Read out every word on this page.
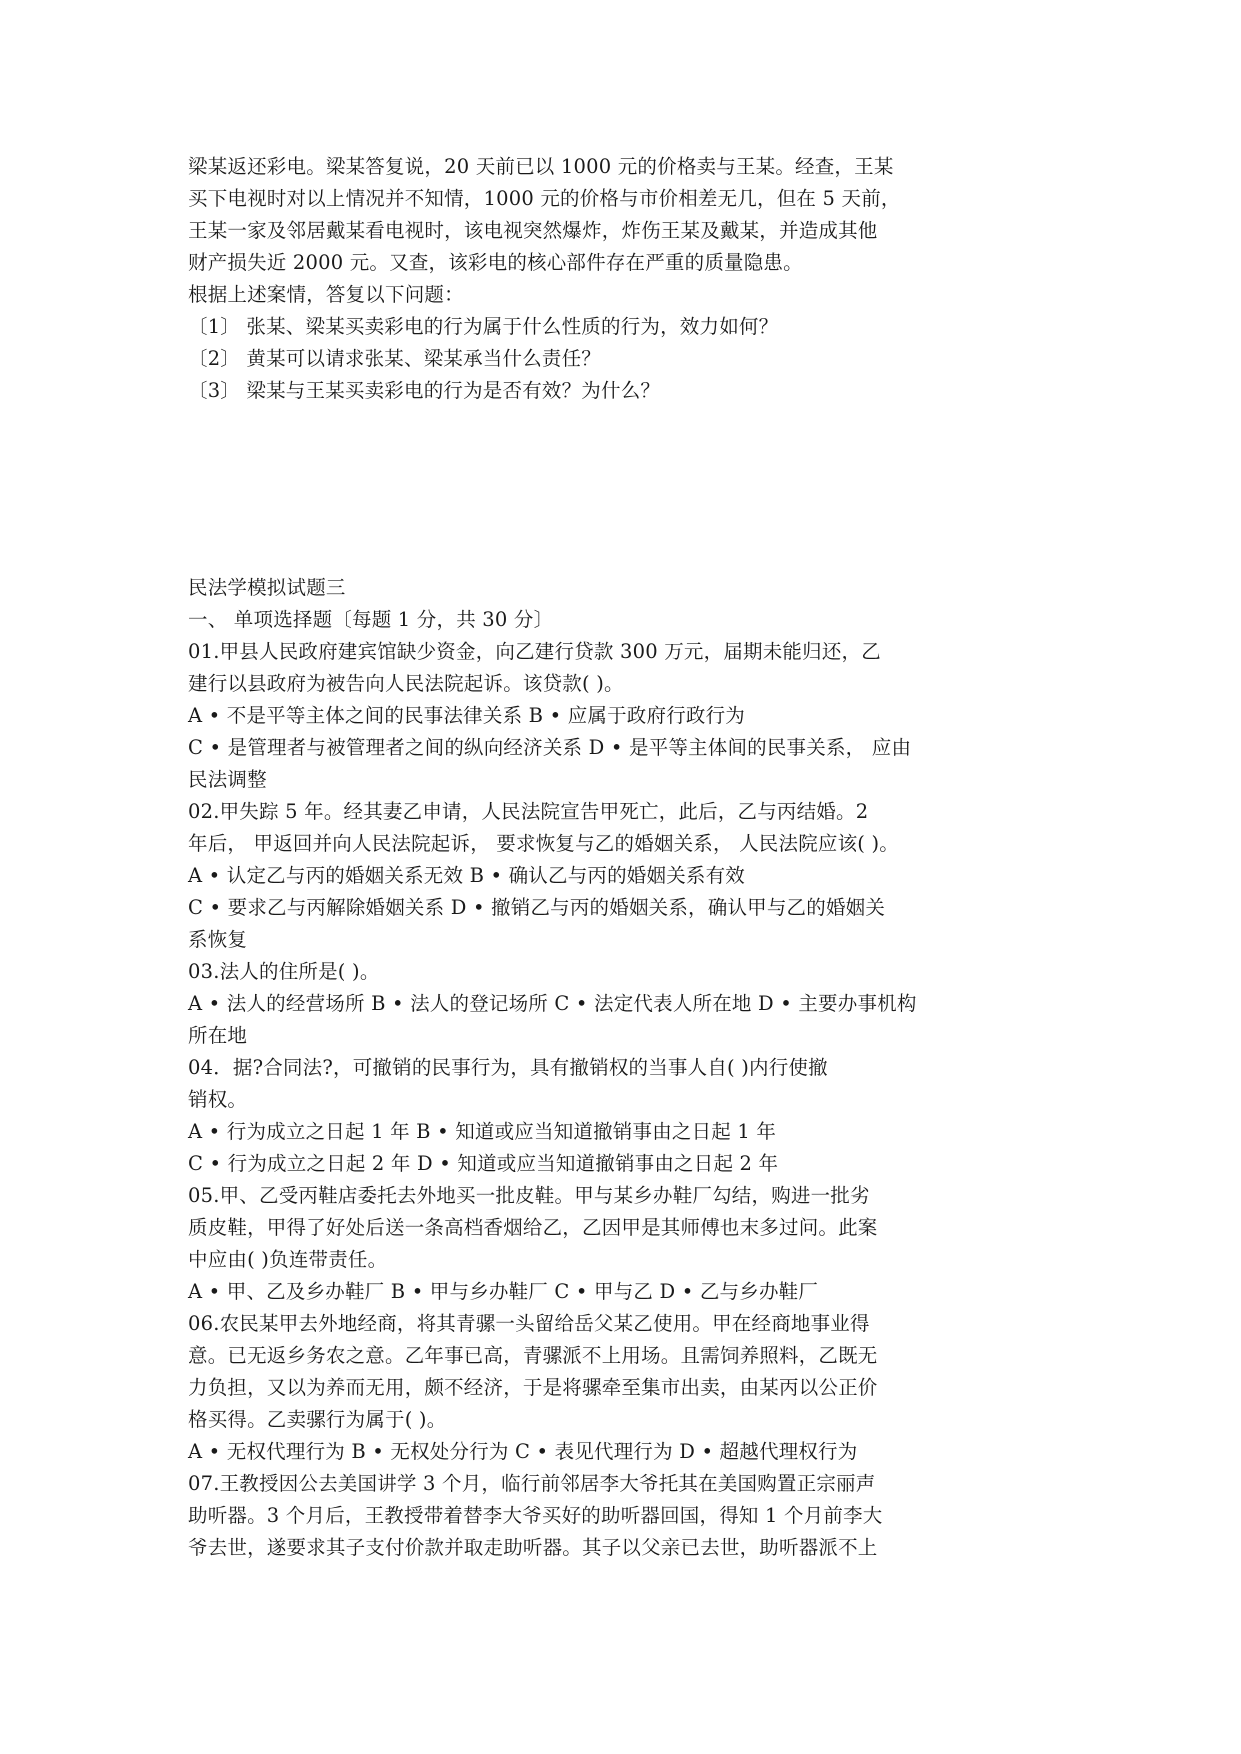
梁某返还彩电。梁某答复说，20 天前已以 1000 元的价格卖与王某。经查，王某
买下电视时对以上情况并不知情，1000 元的价格与市价相差无几，但在 5 天前，
王某一家及邻居戴某看电视时，该电视突然爆炸，炸伤王某及戴某，并造成其他
财产损失近 2000 元。又查，该彩电的核心部件存在严重的质量隐患。
根据上述案情，答复以下问题：
〔1〕 张某、梁某买卖彩电的行为属于什么性质的行为，效力如何？
〔2〕 黄某可以请求张某、梁某承当什么责任？
〔3〕 梁某与王某买卖彩电的行为是否有效？为什么？
民法学模拟试题三
一、 单项选择题〔每题 1 分，共 30 分〕
01.甲县人民政府建宾馆缺少资金，向乙建行贷款 300 万元，届期未能归还，乙
建行以县政府为被告向人民法院起诉。该贷款( )。
A • 不是平等主体之间的民事法律关系 B • 应属于政府行政行为
C • 是管理者与被管理者之间的纵向经济关系 D • 是平等主体间的民事关系， 应由
民法调整
02.甲失踪 5 年。经其妻乙申请，人民法院宣告甲死亡，此后，乙与丙结婚。2
年后， 甲返回并向人民法院起诉， 要求恢复与乙的婚姻关系， 人民法院应该( )。
A • 认定乙与丙的婚姻关系无效 B • 确认乙与丙的婚姻关系有效
C • 要求乙与丙解除婚姻关系 D • 撤销乙与丙的婚姻关系，确认甲与乙的婚姻关
系恢复
03.法人的住所是( )。
A • 法人的经营场所 B • 法人的登记场所 C • 法定代表人所在地 D • 主要办事机构
所在地
04．据?合同法?，可撤销的民事行为，具有撤销权的当事人自( )内行使撤
销权。
A • 行为成立之日起 1 年 B • 知道或应当知道撤销事由之日起 1 年
C • 行为成立之日起 2 年 D • 知道或应当知道撤销事由之日起 2 年
05.甲、乙受丙鞋店委托去外地买一批皮鞋。甲与某乡办鞋厂勾结，购进一批劣
质皮鞋，甲得了好处后送一条高档香烟给乙，乙因甲是其师傅也末多过问。此案
中应由( )负连带责任。
A • 甲、乙及乡办鞋厂 B • 甲与乡办鞋厂 C • 甲与乙 D • 乙与乡办鞋厂
06.农民某甲去外地经商，将其青骡一头留给岳父某乙使用。甲在经商地事业得
意。已无返乡务农之意。乙年事已高，青骡派不上用场。且需饲养照料，乙既无
力负担，又以为养而无用，颇不经济，于是将骡牵至集市出卖，由某丙以公正价
格买得。乙卖骡行为属于( )。
A • 无权代理行为 B • 无权处分行为 C • 表见代理行为 D • 超越代理权行为
07.王教授因公去美国讲学 3 个月，临行前邻居李大爷托其在美国购置正宗丽声
助听器。3 个月后，王教授带着替李大爷买好的助听器回国，得知 1 个月前李大
爷去世，遂要求其子支付价款并取走助听器。其子以父亲已去世，助听器派不上
